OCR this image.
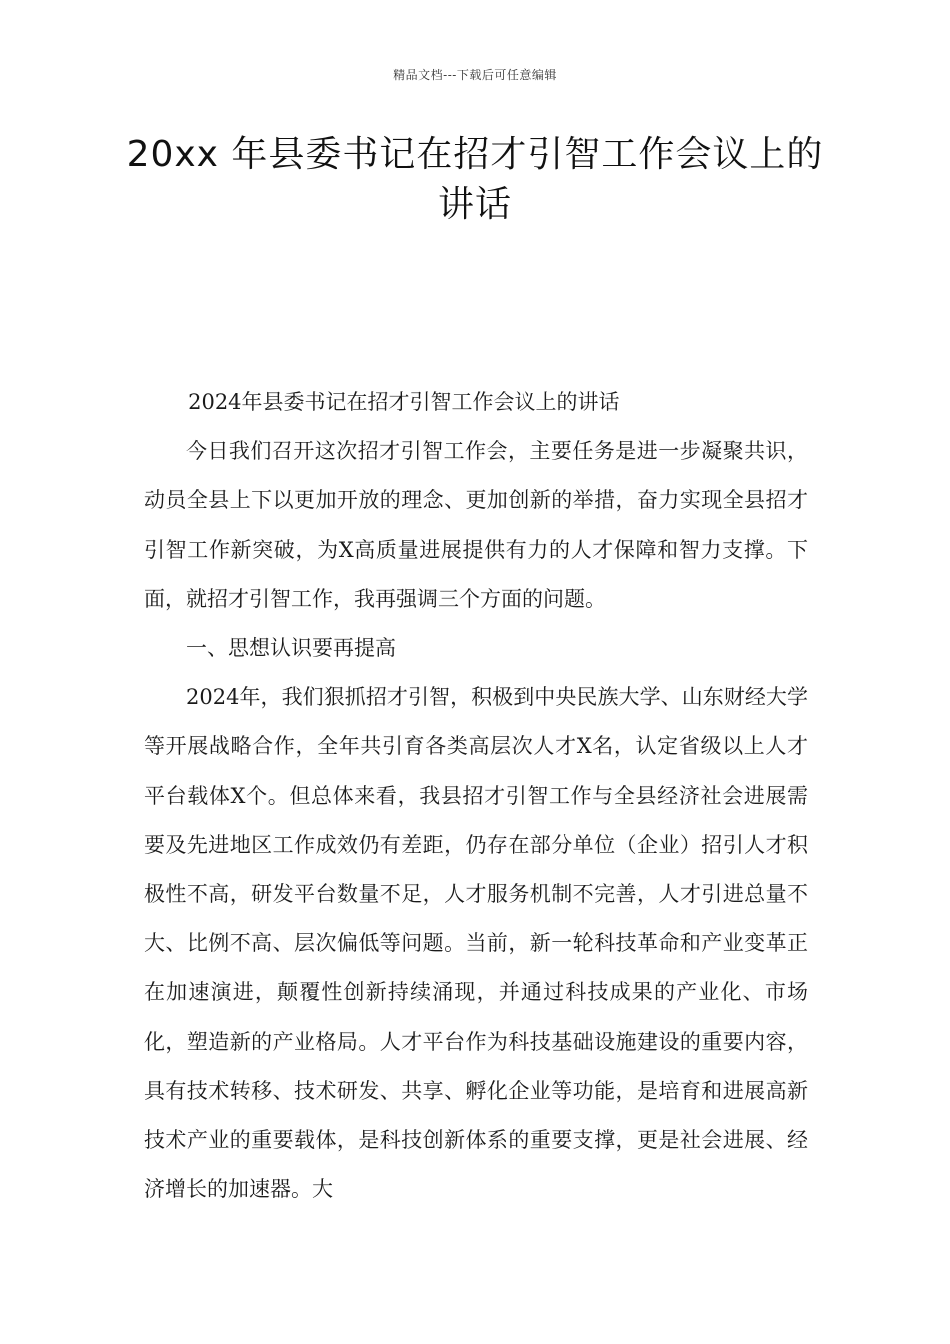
精品文档---下载后可任意编辑
20xx 年县委书记在招才引智工作会议上的讲话

2024年县委书记在招才引智工作会议上的讲话

今日我们召开这次招才引智工作会，主要任务是进一步凝聚共识，动员全县上下以更加开放的理念、更加创新的举措，奋力实现全县招才引智工作新突破，为X高质量进展提供有力的人才保障和智力支撑。下面，就招才引智工作，我再强调三个方面的问题。

一、思想认识要再提高

2024年，我们狠抓招才引智，积极到中央民族大学、山东财经大学等开展战略合作，全年共引育各类高层次人才X名，认定省级以上人才平台载体X个。但总体来看，我县招才引智工作与全县经济社会进展需要及先进地区工作成效仍有差距，仍存在部分单位（企业）招引人才积极性不高，研发平台数量不足，人才服务机制不完善，人才引进总量不大、比例不高、层次偏低等问题。当前，新一轮科技革命和产业变革正在加速演进，颠覆性创新持续涌现，并通过科技成果的产业化、市场化，塑造新的产业格局。人才平台作为科技基础设施建设的重要内容，具有技术转移、技术研发、共享、孵化企业等功能，是培育和进展高新技术产业的重要载体，是科技创新体系的重要支撑，更是社会进展、经济增长的加速器。大
